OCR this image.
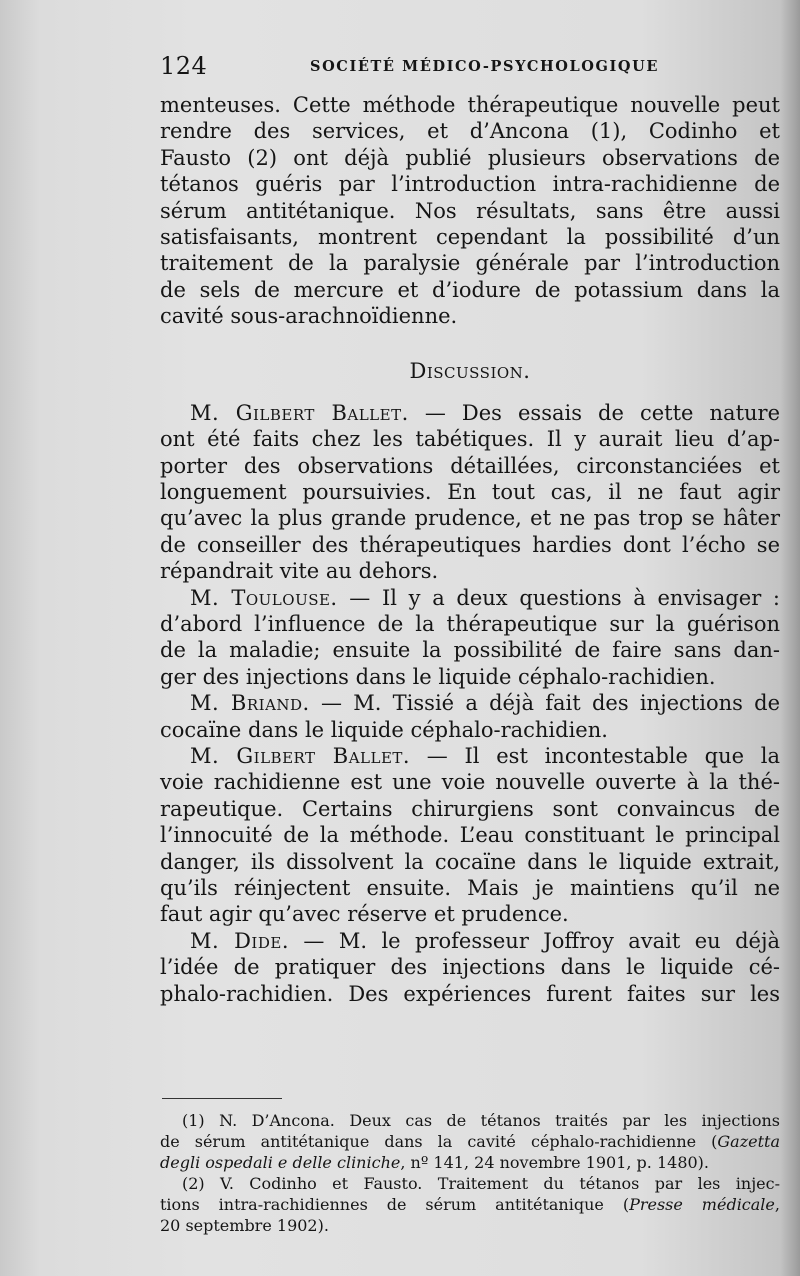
124	SOCIÉTÉ MÉDICO-PSYCHOLOGIQUE
menteuses. Cette méthode thérapeutique nouvelle peut
rendre des services, et d’Ancona (1), Codinho et
Fausto (2) ont déjà publié plusieurs observations de
tétanos guéris par l’introduction intra-rachidienne de
sérum antitétanique. Nos résultats, sans être aussi
satisfaisants, montrent cependant la possibilité d’un
traitement de la paralysie générale par l’introduction
de sels de mercure et d’iodure de potassium dans la
cavité sous-arachnoïdienne.
Discussion.
M. Gilbert Ballet. — Des essais de cette nature
ont été faits chez les tabétiques. Il y aurait lieu d’ap-
porter des observations détaillées, circonstanciées et
longuement poursuivies. En tout cas, il ne faut agir
qu’avec la plus grande prudence, et ne pas trop se hâter
de conseiller des thérapeutiques hardies dont l’écho se
répandrait vite au dehors.
M. Toulouse. — Il y a deux questions à envisager :
d’abord l’influence de la thérapeutique sur la guérison
de la maladie; ensuite la possibilité de faire sans dan-
ger des injections dans le liquide céphalo-rachidien.
M. Briand. — M. Tissié a déjà fait des injections de
cocaïne dans le liquide céphalo-rachidien.
M. Gilbert Ballet. — Il est incontestable que la
voie rachidienne est une voie nouvelle ouverte à la thé-
rapeutique. Certains chirurgiens sont convaincus de
l’innocuité de la méthode. L’eau constituant le principal
danger, ils dissolvent la cocaïne dans le liquide extrait,
qu’ils réinjectent ensuite. Mais je maintiens qu’il ne
faut agir qu’avec réserve et prudence.
M. Dide. — M. le professeur Joffroy avait eu déjà
l’idée de pratiquer des injections dans le liquide cé-
phalo-rachidien. Des expériences furent faites sur les
(1) N. D’Ancona. Deux cas de tétanos traités par les injections
de sérum antitétanique dans la cavité céphalo-rachidienne (Gazetta
degli ospedali e delle cliniche, nº 141, 24 novembre 1901, p. 1480).
(2) V. Codinho et Fausto. Traitement du tétanos par les injec-
tions intra-rachidiennes de sérum antitétanique (Presse médicale,
20 septembre 1902).
